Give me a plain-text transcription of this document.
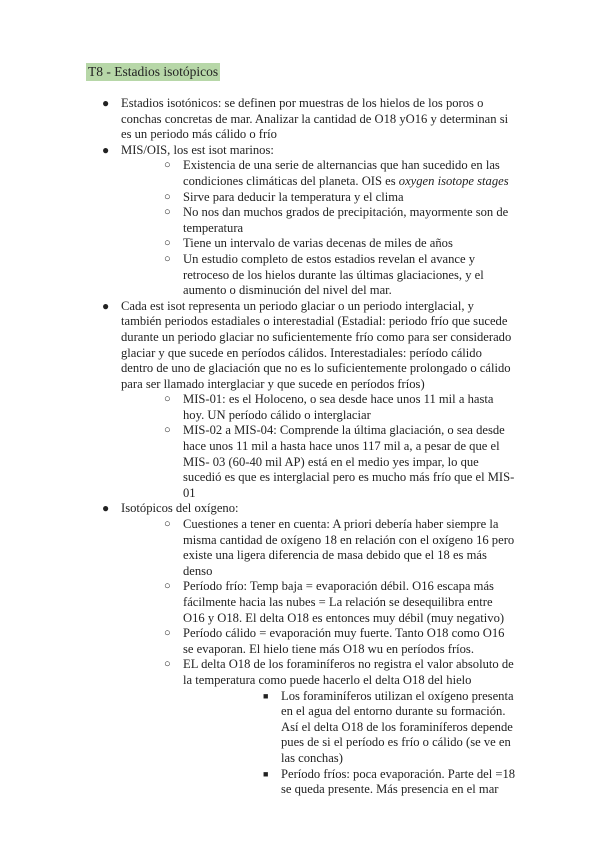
T8 - Estadios isotópicos
● Estadios isotónicos: se definen por muestras de los hielos de los poros o conchas concretas de mar. Analizar la cantidad de O18 yO16 y determinan si es un periodo más cálido o frío
● MIS/OIS, los est isot marinos:
○ Existencia de una serie de alternancias que han sucedido en las condiciones climáticas del planeta. OIS es oxygen isotope stages
○ Sirve para deducir la temperatura y el clima
○ No nos dan muchos grados de precipitación, mayormente son de temperatura
○ Tiene un intervalo de varias decenas de miles de años
○ Un estudio completo de estos estadios revelan el avance y retroceso de los hielos durante las últimas glaciaciones, y el aumento o disminución del nivel del mar.
● Cada est isot representa un periodo glaciar o un periodo interglacial, y también periodos estadiales o interestadial (Estadial: periodo frío que sucede durante un periodo glaciar no suficientemente frío como para ser considerado glaciar y que sucede en períodos cálidos. Interestadiales: período cálido dentro de uno de glaciación que no es lo suficientemente prolongado o cálido para ser llamado interglaciar y que sucede en períodos fríos)
○ MIS-01: es el Holoceno, o sea desde hace unos 11 mil a hasta hoy. UN período cálido o interglaciar
○ MIS-02 a MIS-04: Comprende la última glaciación, o sea desde hace unos 11 mil a hasta hace unos 117 mil a, a pesar de que el MIS- 03 (60-40 mil AP) está en el medio yes impar, lo que sucedió es que es interglacial pero es mucho más frío que el MIS-01
● Isotópicos del oxígeno:
○ Cuestiones a tener en cuenta: A priori debería haber siempre la misma cantidad de oxígeno 18 en relación con el oxígeno 16 pero existe una ligera diferencia de masa debido que el 18 es más denso
○ Período frío: Temp baja = evaporación débil. O16 escapa más fácilmente hacia las nubes = La relación se desequilibra entre O16 y O18. El delta O18 es entonces muy débil (muy negativo)
○ Período cálido = evaporación muy fuerte. Tanto O18 como O16 se evaporan. El hielo tiene más O18 wu en períodos fríos.
○ EL delta O18 de los foraminíferos no registra el valor absoluto de la temperatura como puede hacerlo el delta O18 del hielo
■ Los foraminíferos utilizan el oxígeno presenta en el agua del entorno durante su formación. Así el delta O18 de los foraminíferos depende pues de si el período es frío o cálido (se ve en las conchas)
■ Período fríos: poca evaporación. Parte del =18 se queda presente. Más presencia en el mar
